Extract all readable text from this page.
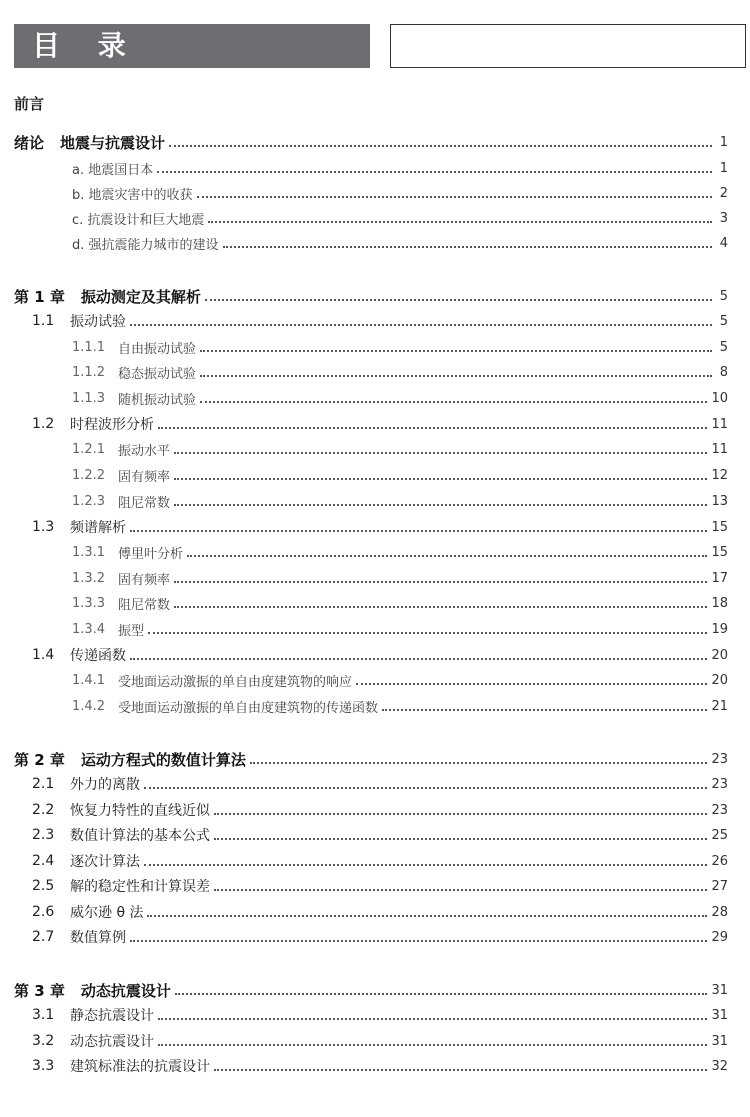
目 录
前言
绪论 地震与抗震设计	1
a. 地震国日本	1
b. 地震灾害中的收获	2
c. 抗震设计和巨大地震	3
d. 强抗震能力城市的建设	4
第 1 章 振动测定及其解析	5
1.1	振动试验	5
1.1.1 自由振动试验	5
1.1.2 稳态振动试验	8
1.1.3 随机振动试验	10
1.2	时程波形分析	11
1.2.1 振动水平	11
1.2.2 固有频率	12
1.2.3 阻尼常数	13
1.3	频谱解析	15
1.3.1 傅里叶分析	15
1.3.2 固有频率	17
1.3.3 阻尼常数	18
1.3.4 振型	19
1.4	传递函数	20
1.4.1 受地面运动激振的单自由度建筑物的响应	20
1.4.2 受地面运动激振的单自由度建筑物的传递函数	21
第 2 章 运动方程式的数值计算法	23
2.1	外力的离散	23
2.2	恢复力特性的直线近似	23
2.3	数值计算法的基本公式	25
2.4	逐次计算法	26
2.5	解的稳定性和计算误差	27
2.6	威尔逊 θ 法	28
2.7	数值算例	29
第 3 章 动态抗震设计	31
3.1	静态抗震设计	31
3.2	动态抗震设计	31
3.3	建筑标准法的抗震设计	32
